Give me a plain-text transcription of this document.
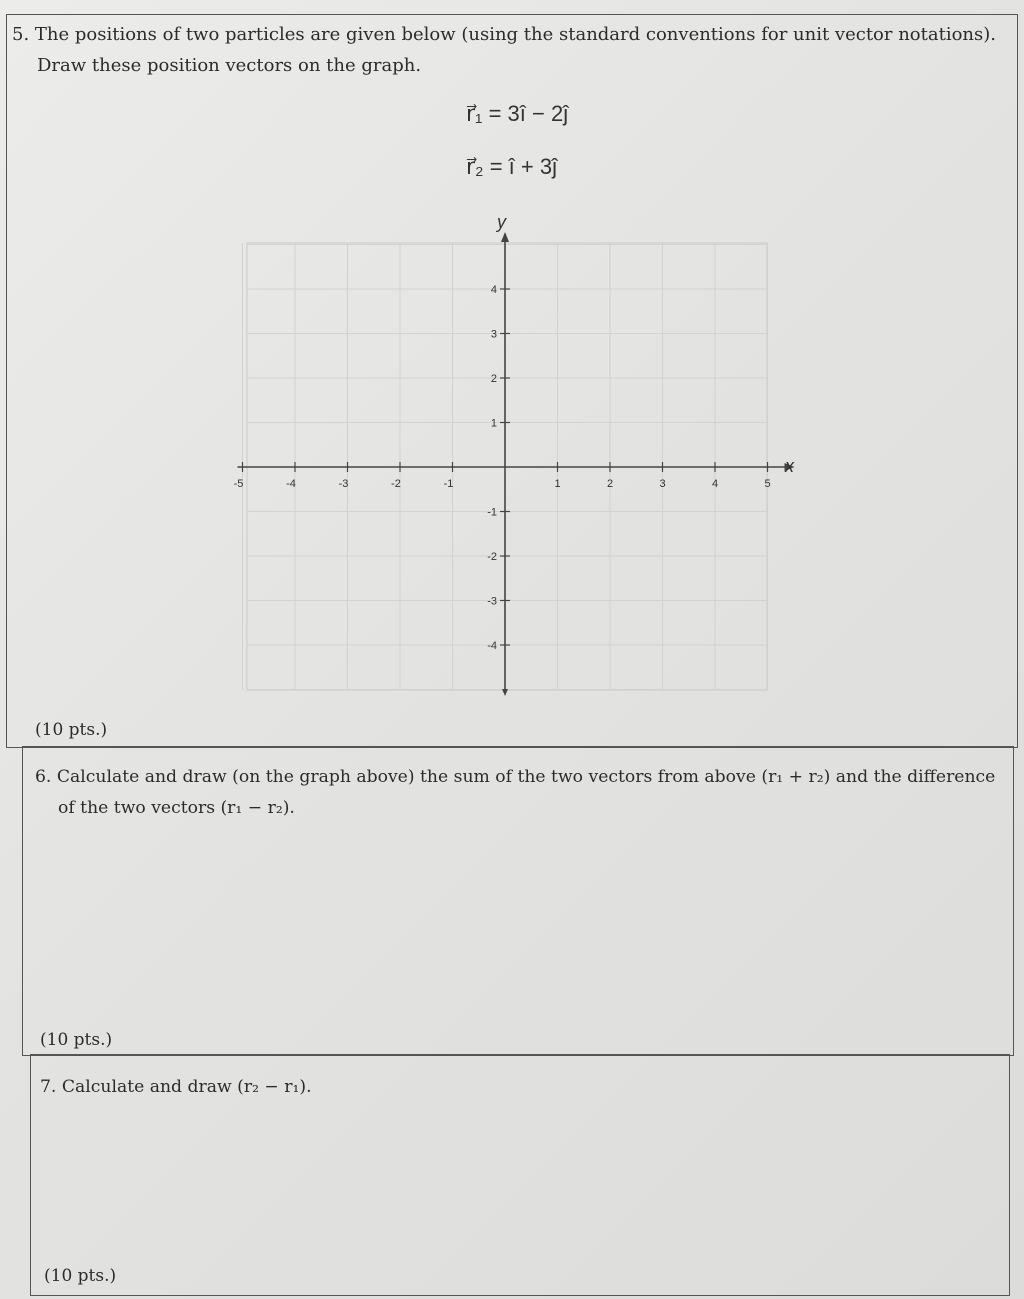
5. The positions of two particles are given below (using the standard conventions for unit vector notations).
Draw these position vectors on the graph.
r⃗₁ = 3î − 2ĵ
r⃗₂ = î + 3ĵ
-5	-4	-3	-2	-1	1	2	3	4	5
4
3
2
1
-1
-2
-3
-4
x
y
(10 pts.)
6. Calculate and draw (on the graph above) the sum of the two vectors from above (r₁ + r₂) and the difference
of the two vectors (r₁ − r₂).
(10 pts.)
7. Calculate and draw (r₂ − r₁).
(10 pts.)
